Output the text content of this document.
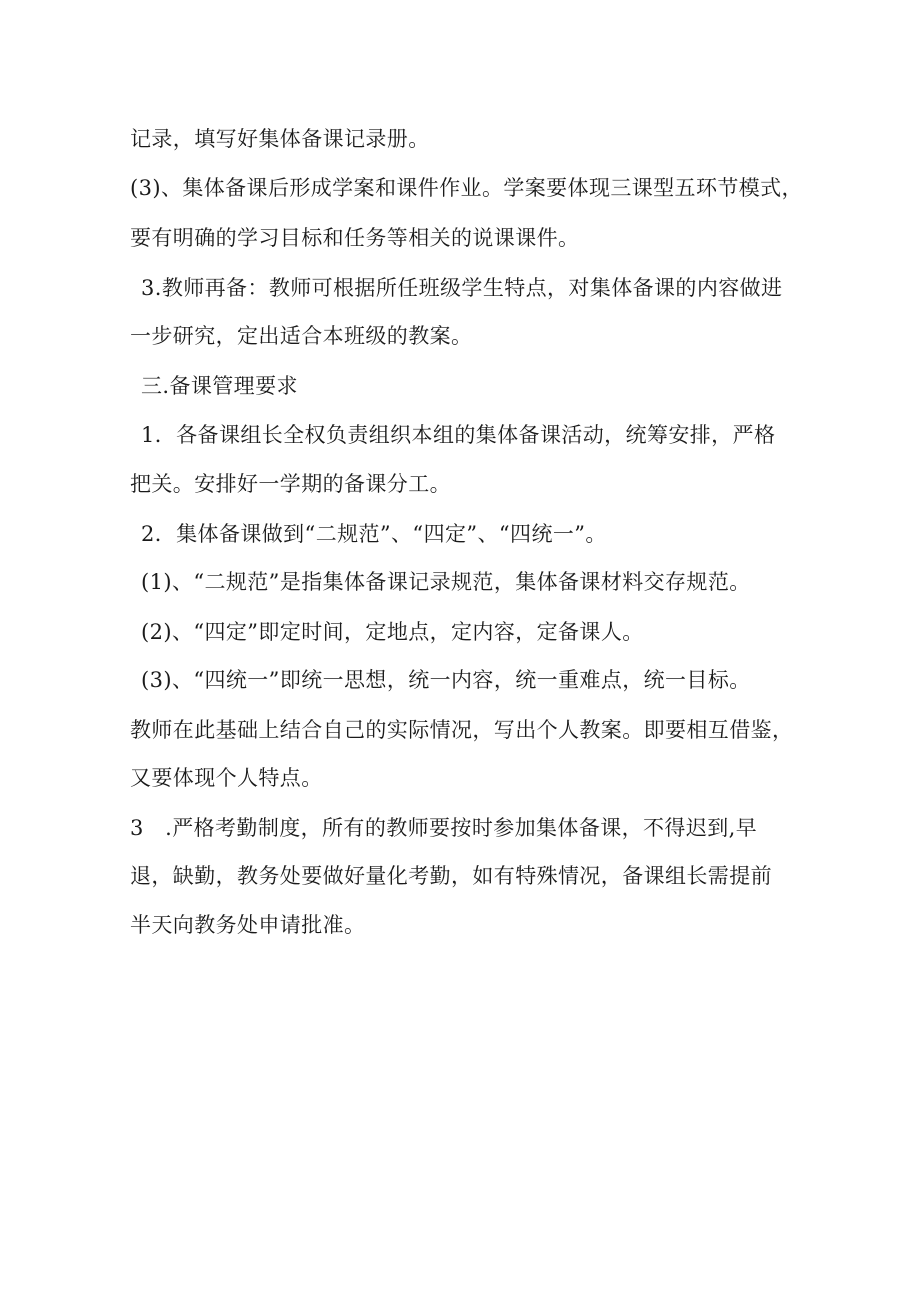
记录，填写好集体备课记录册。
(3)、集体备课后形成学案和课件作业。学案要体现三课型五环节模式，
要有明确的学习目标和任务等相关的说课课件。
3.教师再备：教师可根据所任班级学生特点，对集体备课的内容做进
一步研究，定出适合本班级的教案。
三.备课管理要求
1．各备课组长全权负责组织本组的集体备课活动，统筹安排，严格
把关。安排好一学期的备课分工。
2．集体备课做到“二规范”、“四定”、“四统一”。
(1)、“二规范”是指集体备课记录规范，集体备课材料交存规范。
(2)、“四定”即定时间，定地点，定内容，定备课人。
(3)、“四统一”即统一思想，统一内容，统一重难点，统一目标。
教师在此基础上结合自己的实际情况，写出个人教案。即要相互借鉴，
又要体现个人特点。
3　.严格考勤制度，所有的教师要按时参加集体备课，不得迟到,早
退，缺勤，教务处要做好量化考勤，如有特殊情况，备课组长需提前
半天向教务处申请批准。
